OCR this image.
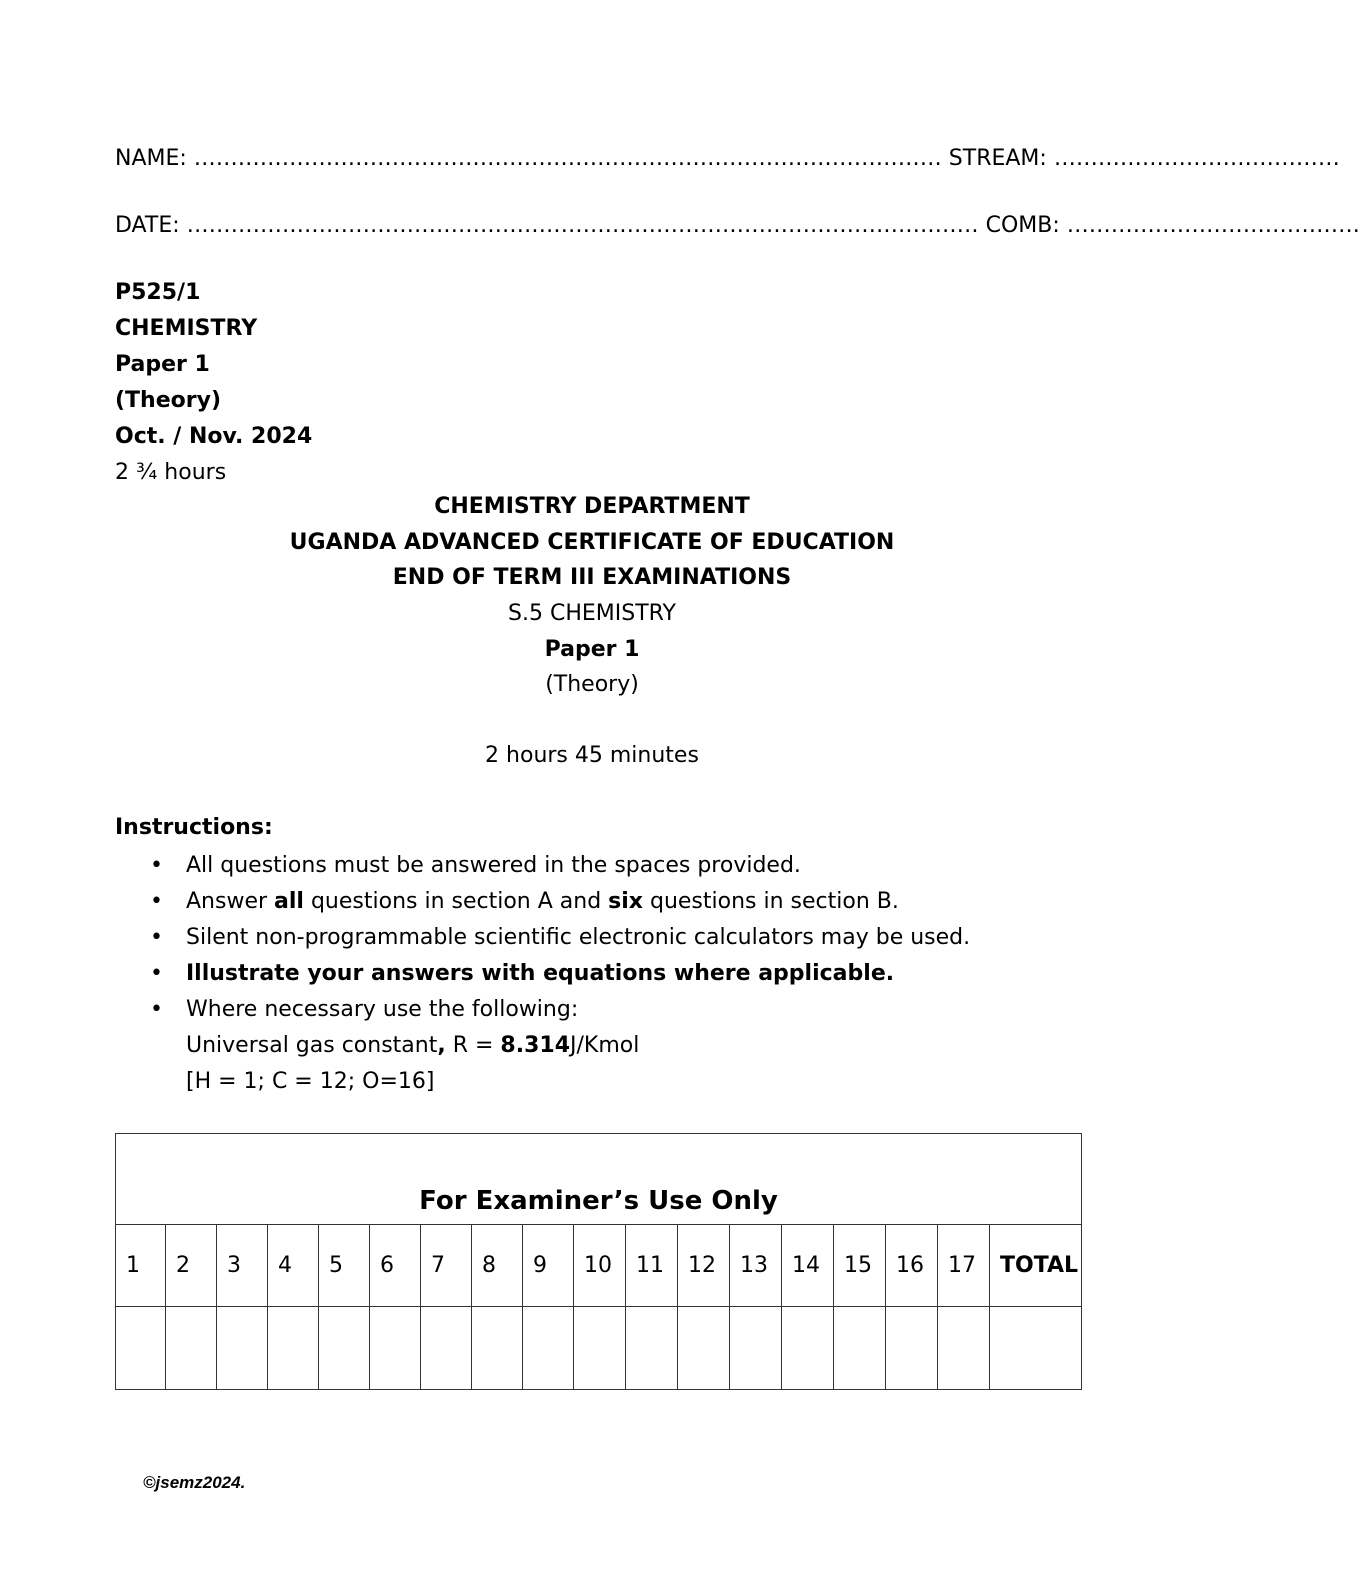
NAME: ………………………………………………………………………………………… STREAM: …………………………………
DATE: ……………………………………………………………………………………………… COMB: ………………………………….
P525/1
CHEMISTRY
Paper 1
(Theory)
Oct. / Nov. 2024
2 ¾ hours
CHEMISTRY DEPARTMENT
UGANDA ADVANCED CERTIFICATE OF EDUCATION
END OF TERM III EXAMINATIONS
S.5 CHEMISTRY
Paper 1
(Theory)
2 hours 45 minutes
Instructions:
• All questions must be answered in the spaces provided.
• Answer all questions in section A and six questions in section B.
• Silent non-programmable scientific electronic calculators may be used.
• Illustrate your answers with equations where applicable.
• Where necessary use the following:
Universal gas constant, R = 8.314J/Kmol
[H = 1; C = 12; O=16]
For Examiner’s Use Only																	
1	2	3	4	5	6	7	8	9	10	11	12	13	14	15	16	17	TOTAL

©jsemz2024.
